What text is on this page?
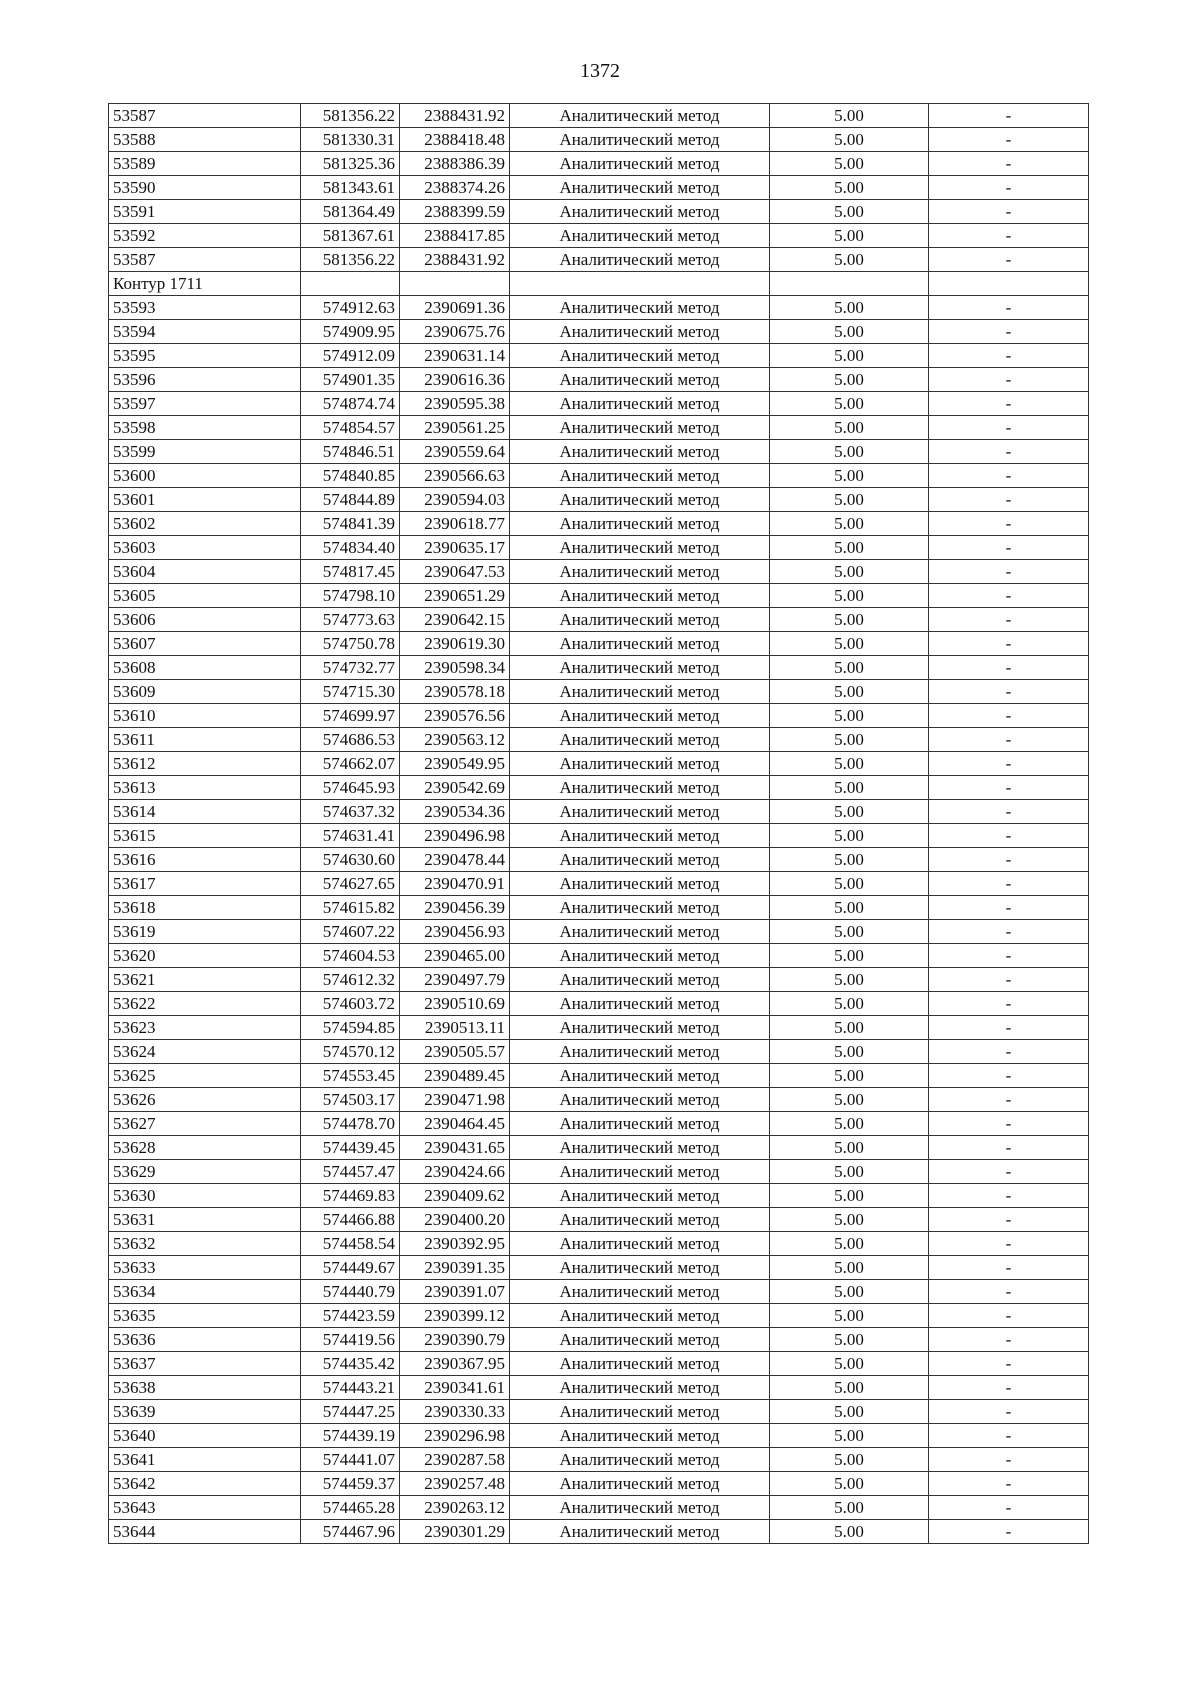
1372
53587	581356.22	2388431.92	Аналитический метод	5.00	-
53588	581330.31	2388418.48	Аналитический метод	5.00	-
53589	581325.36	2388386.39	Аналитический метод	5.00	-
53590	581343.61	2388374.26	Аналитический метод	5.00	-
53591	581364.49	2388399.59	Аналитический метод	5.00	-
53592	581367.61	2388417.85	Аналитический метод	5.00	-
53587	581356.22	2388431.92	Аналитический метод	5.00	-
Контур 1711					
53593	574912.63	2390691.36	Аналитический метод	5.00	-
53594	574909.95	2390675.76	Аналитический метод	5.00	-
53595	574912.09	2390631.14	Аналитический метод	5.00	-
53596	574901.35	2390616.36	Аналитический метод	5.00	-
53597	574874.74	2390595.38	Аналитический метод	5.00	-
53598	574854.57	2390561.25	Аналитический метод	5.00	-
53599	574846.51	2390559.64	Аналитический метод	5.00	-
53600	574840.85	2390566.63	Аналитический метод	5.00	-
53601	574844.89	2390594.03	Аналитический метод	5.00	-
53602	574841.39	2390618.77	Аналитический метод	5.00	-
53603	574834.40	2390635.17	Аналитический метод	5.00	-
53604	574817.45	2390647.53	Аналитический метод	5.00	-
53605	574798.10	2390651.29	Аналитический метод	5.00	-
53606	574773.63	2390642.15	Аналитический метод	5.00	-
53607	574750.78	2390619.30	Аналитический метод	5.00	-
53608	574732.77	2390598.34	Аналитический метод	5.00	-
53609	574715.30	2390578.18	Аналитический метод	5.00	-
53610	574699.97	2390576.56	Аналитический метод	5.00	-
53611	574686.53	2390563.12	Аналитический метод	5.00	-
53612	574662.07	2390549.95	Аналитический метод	5.00	-
53613	574645.93	2390542.69	Аналитический метод	5.00	-
53614	574637.32	2390534.36	Аналитический метод	5.00	-
53615	574631.41	2390496.98	Аналитический метод	5.00	-
53616	574630.60	2390478.44	Аналитический метод	5.00	-
53617	574627.65	2390470.91	Аналитический метод	5.00	-
53618	574615.82	2390456.39	Аналитический метод	5.00	-
53619	574607.22	2390456.93	Аналитический метод	5.00	-
53620	574604.53	2390465.00	Аналитический метод	5.00	-
53621	574612.32	2390497.79	Аналитический метод	5.00	-
53622	574603.72	2390510.69	Аналитический метод	5.00	-
53623	574594.85	2390513.11	Аналитический метод	5.00	-
53624	574570.12	2390505.57	Аналитический метод	5.00	-
53625	574553.45	2390489.45	Аналитический метод	5.00	-
53626	574503.17	2390471.98	Аналитический метод	5.00	-
53627	574478.70	2390464.45	Аналитический метод	5.00	-
53628	574439.45	2390431.65	Аналитический метод	5.00	-
53629	574457.47	2390424.66	Аналитический метод	5.00	-
53630	574469.83	2390409.62	Аналитический метод	5.00	-
53631	574466.88	2390400.20	Аналитический метод	5.00	-
53632	574458.54	2390392.95	Аналитический метод	5.00	-
53633	574449.67	2390391.35	Аналитический метод	5.00	-
53634	574440.79	2390391.07	Аналитический метод	5.00	-
53635	574423.59	2390399.12	Аналитический метод	5.00	-
53636	574419.56	2390390.79	Аналитический метод	5.00	-
53637	574435.42	2390367.95	Аналитический метод	5.00	-
53638	574443.21	2390341.61	Аналитический метод	5.00	-
53639	574447.25	2390330.33	Аналитический метод	5.00	-
53640	574439.19	2390296.98	Аналитический метод	5.00	-
53641	574441.07	2390287.58	Аналитический метод	5.00	-
53642	574459.37	2390257.48	Аналитический метод	5.00	-
53643	574465.28	2390263.12	Аналитический метод	5.00	-
53644	574467.96	2390301.29	Аналитический метод	5.00	-
